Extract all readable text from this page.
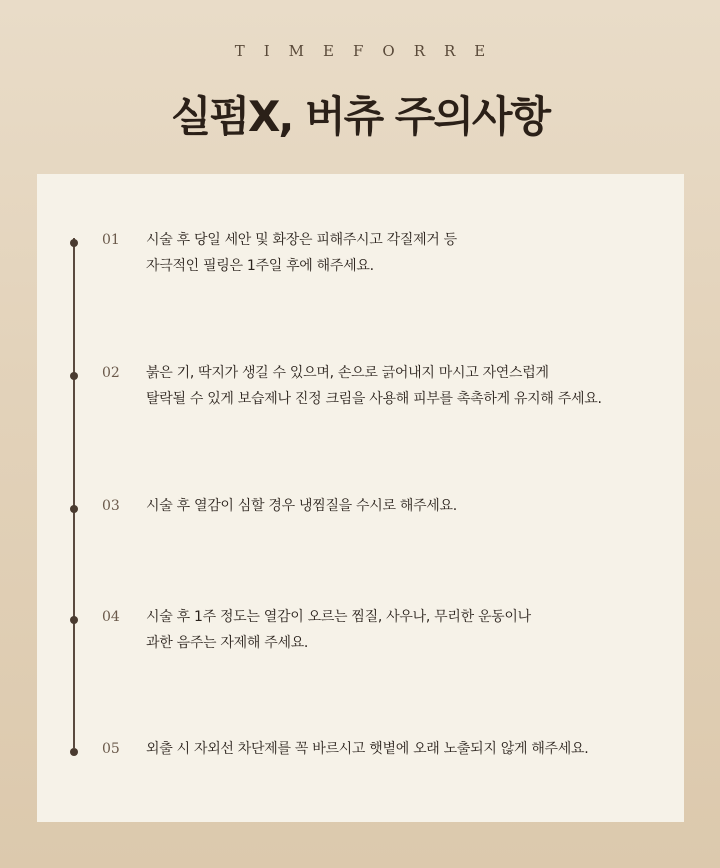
TIMEFORRE
실펌X, 버츄 주의사항
01 시술 후 당일 세안 및 화장은 피해주시고 각질제거 등
자극적인 필링은 1주일 후에 해주세요.
02 붉은 기, 딱지가 생길 수 있으며, 손으로 긁어내지 마시고 자연스럽게
탈락될 수 있게 보습제나 진정 크림을 사용해 피부를 촉촉하게 유지해 주세요.
03 시술 후 열감이 심할 경우 냉찜질을 수시로 해주세요.
04 시술 후 1주 정도는 열감이 오르는 찜질, 사우나, 무리한 운동이나
과한 음주는 자제해 주세요.
05 외출 시 자외선 차단제를 꼭 바르시고 햇볕에 오래 노출되지 않게 해주세요.
